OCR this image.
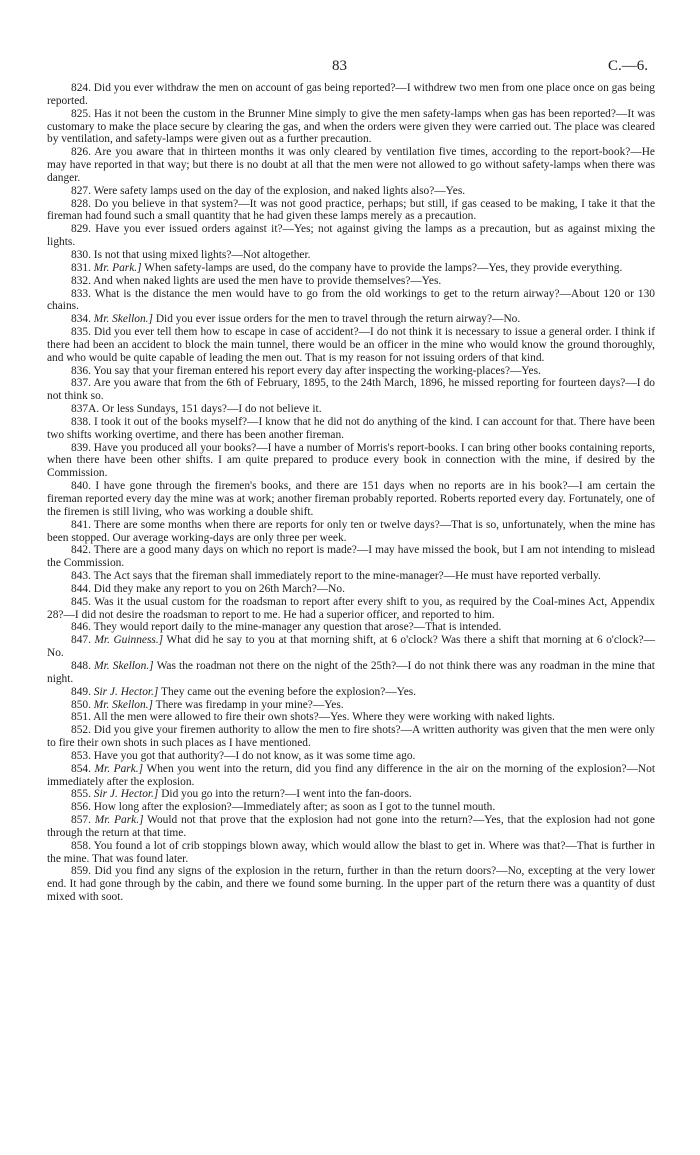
83	C.—6.

824. Did you ever withdraw the men on account of gas being reported?—I withdrew two men from one place once on gas being reported.

825. Has it not been the custom in the Brunner Mine simply to give the men safety-lamps when gas has been reported?—It was customary to make the place secure by clearing the gas, and when the orders were given they were carried out. The place was cleared by ventilation, and safety-lamps were given out as a further precaution.

826. Are you aware that in thirteen months it was only cleared by ventilation five times, according to the report-book?—He may have reported in that way; but there is no doubt at all that the men were not allowed to go without safety-lamps when there was danger.

827. Were safety lamps used on the day of the explosion, and naked lights also?—Yes.

828. Do you believe in that system?—It was not good practice, perhaps; but still, if gas ceased to be making, I take it that the fireman had found such a small quantity that he had given these lamps merely as a precaution.

829. Have you ever issued orders against it?—Yes; not against giving the lamps as a precaution, but as against mixing the lights.

830. Is not that using mixed lights?—Not altogether.

831. Mr. Park.] When safety-lamps are used, do the company have to provide the lamps?—Yes, they provide everything.

832. And when naked lights are used the men have to provide themselves?—Yes.

833. What is the distance the men would have to go from the old workings to get to the return airway?—About 120 or 130 chains.

834. Mr. Skellon.] Did you ever issue orders for the men to travel through the return airway?—No.

835. Did you ever tell them how to escape in case of accident?—I do not think it is necessary to issue a general order. I think if there had been an accident to block the main tunnel, there would be an officer in the mine who would know the ground thoroughly, and who would be quite capable of leading the men out. That is my reason for not issuing orders of that kind.

836. You say that your fireman entered his report every day after inspecting the working-places?—Yes.

837. Are you aware that from the 6th of February, 1895, to the 24th March, 1896, he missed reporting for fourteen days?—I do not think so.

837A. Or less Sundays, 151 days?—I do not believe it.

838. I took it out of the books myself?—I know that he did not do anything of the kind. I can account for that. There have been two shifts working overtime, and there has been another fireman.

839. Have you produced all your books?—I have a number of Morris's report-books. I can bring other books containing reports, when there have been other shifts. I am quite prepared to produce every book in connection with the mine, if desired by the Commission.

840. I have gone through the firemen's books, and there are 151 days when no reports are in his book?—I am certain the fireman reported every day the mine was at work; another fireman probably reported. Roberts reported every day. Fortunately, one of the firemen is still living, who was working a double shift.

841. There are some months when there are reports for only ten or twelve days?—That is so, unfortunately, when the mine has been stopped. Our average working-days are only three per week.

842. There are a good many days on which no report is made?—I may have missed the book, but I am not intending to mislead the Commission.

843. The Act says that the fireman shall immediately report to the mine-manager?—He must have reported verbally.

844. Did they make any report to you on 26th March?—No.

845. Was it the usual custom for the roadsman to report after every shift to you, as required by the Coal-mines Act, Appendix 28?—I did not desire the roadsman to report to me. He had a superior officer, and reported to him.

846. They would report daily to the mine-manager any question that arose?—That is intended.

847. Mr. Guinness.] What did he say to you at that morning shift, at 6 o'clock? Was there a shift that morning at 6 o'clock?—No.

848. Mr. Skellon.] Was the roadman not there on the night of the 25th?—I do not think there was any roadman in the mine that night.

849. Sir J. Hector.] They came out the evening before the explosion?—Yes.

850. Mr. Skellon.] There was firedamp in your mine?—Yes.

851. All the men were allowed to fire their own shots?—Yes. Where they were working with naked lights.

852. Did you give your firemen authority to allow the men to fire shots?—A written authority was given that the men were only to fire their own shots in such places as I have mentioned.

853. Have you got that authority?—I do not know, as it was some time ago.

854. Mr. Park.] When you went into the return, did you find any difference in the air on the morning of the explosion?—Not immediately after the explosion.

855. Sir J. Hector.] Did you go into the return?—I went into the fan-doors.

856. How long after the explosion?—Immediately after; as soon as I got to the tunnel mouth.

857. Mr. Park.] Would not that prove that the explosion had not gone into the return?—Yes, that the explosion had not gone through the return at that time.

858. You found a lot of crib stoppings blown away, which would allow the blast to get in. Where was that?—That is further in the mine. That was found later.

859. Did you find any signs of the explosion in the return, further in than the return doors?—No, excepting at the very lower end. It had gone through by the cabin, and there we found some burning. In the upper part of the return there was a quantity of dust mixed with soot.
